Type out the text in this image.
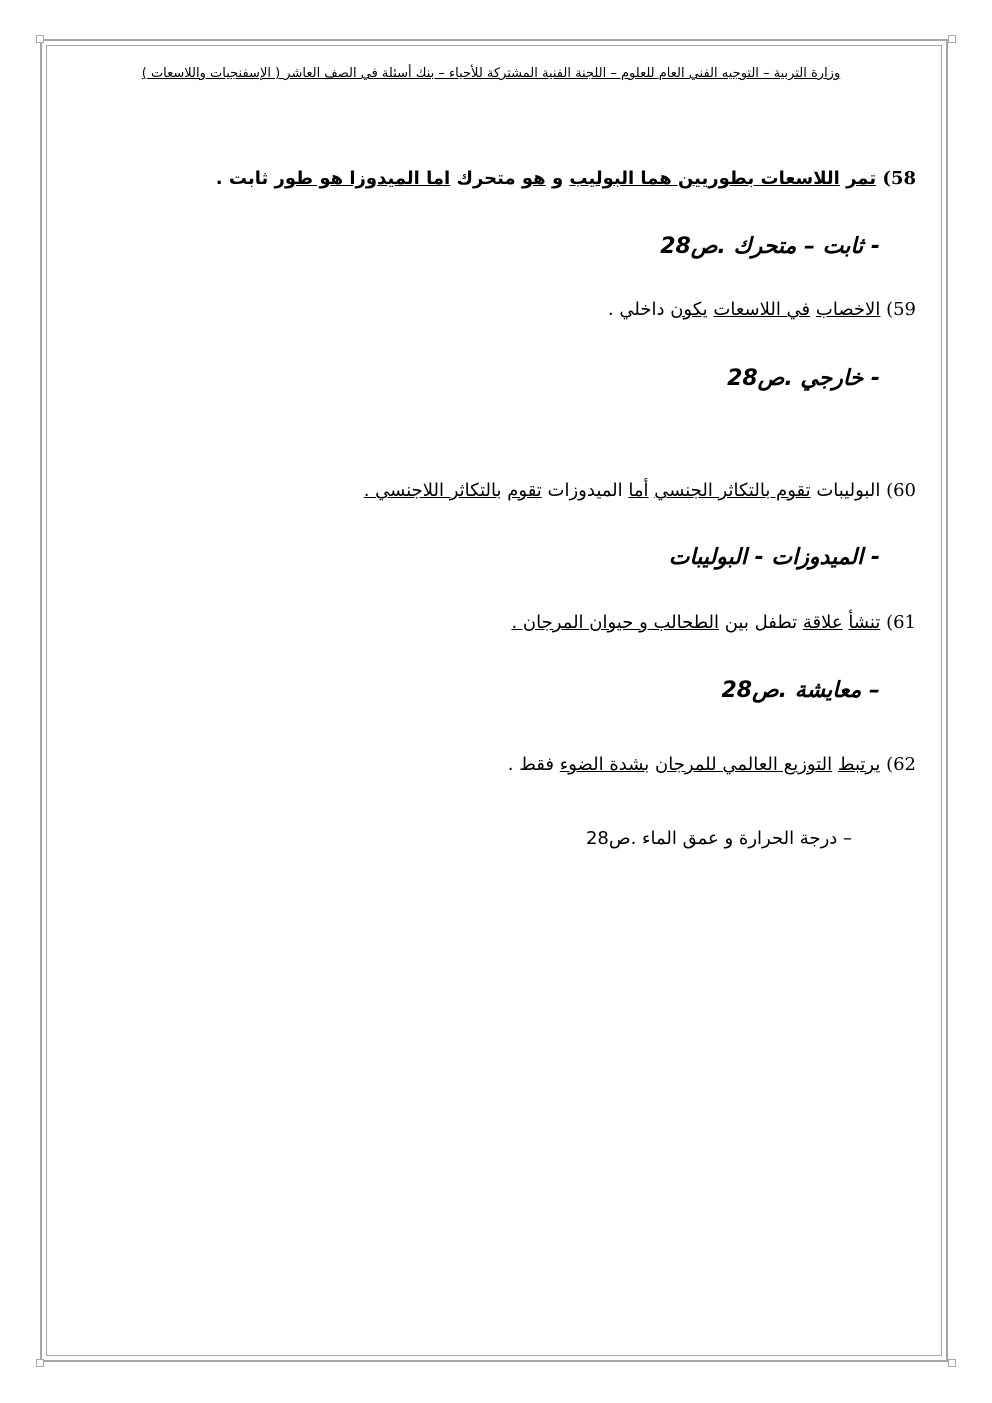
وزارة التربية – التوجيه الفني العام للعلوم – اللجنة الفنية المشتركة للأحياء – بنك أسئلة في الصف العاشر ( الإسفنجيات واللاسعات )
58) تمر اللاسعات بطوريين هما البوليب و هو متحرك اما الميدوزا هو طور ثابت .
- ثابت – متحرك .ص28
59) الاخصاب في اللاسعات يكون داخلي .
- خارجي .ص28
60) البوليبات تقوم بالتكاثر الجنسي أما الميدوزات تقوم بالتكاثر اللاجنسي .
- الميدوزات - البوليبات
61) تنشأ علاقة تطفل بين الطحالب و حيوان المرجان .
– معايشة .ص28
62) يرتبط التوزيع العالمي للمرجان بشدة الضوء فقط .
– درجة الحرارة و عمق الماء .ص28
